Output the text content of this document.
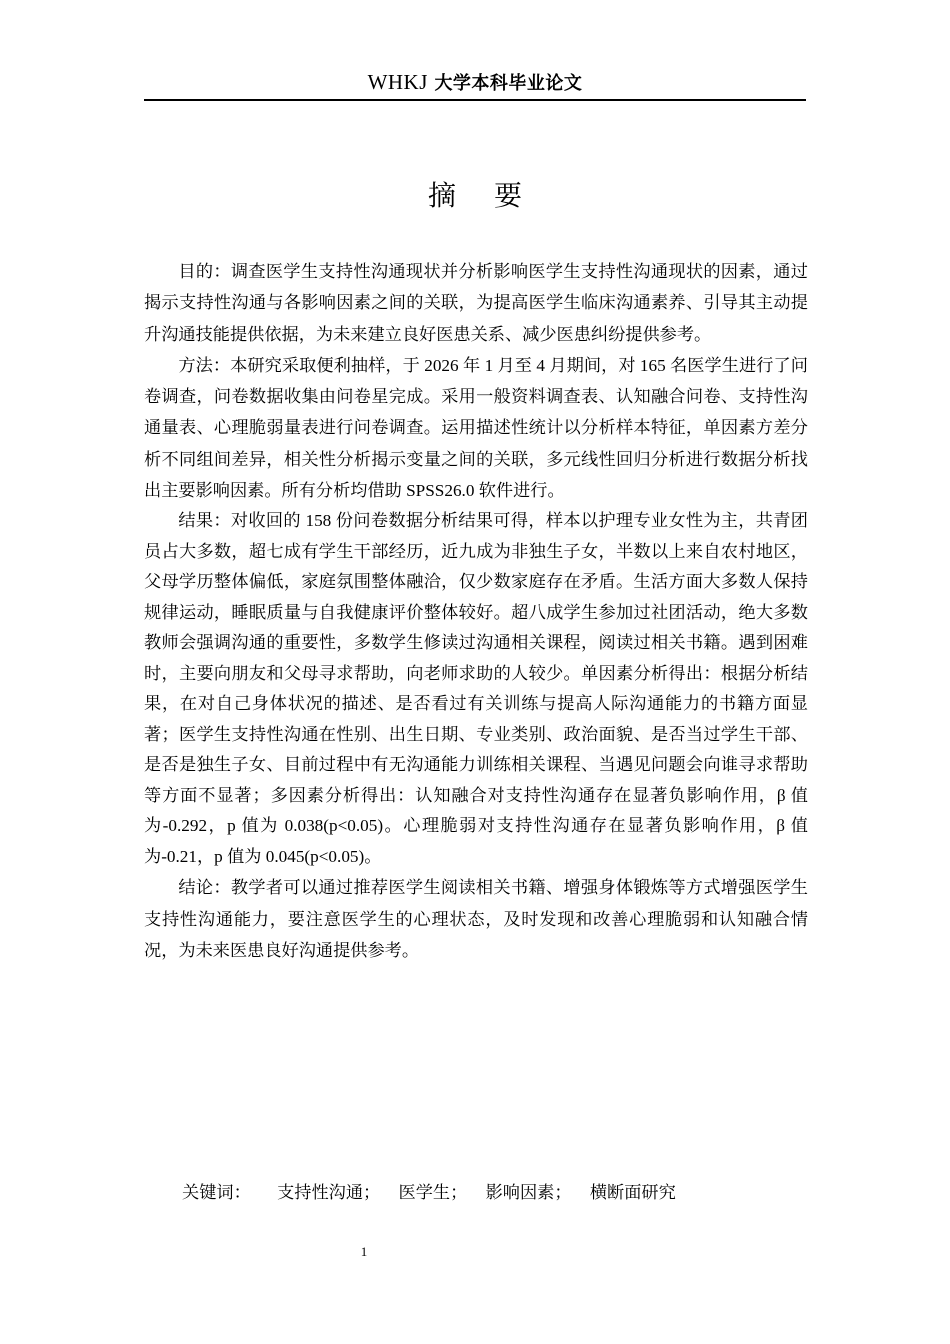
WHKJ 大学本科毕业论文
摘要

目的：调查医学生支持性沟通现状并分析影响医学生支持性沟通现状的因素，通过揭示支持性沟通与各影响因素之间的关联，为提高医学生临床沟通素养、引导其主动提升沟通技能提供依据，为未来建立良好医患关系、减少医患纠纷提供参考。

方法：本研究采取便利抽样，于 2026 年 1 月至 4 月期间，对 165 名医学生进行了问卷调查，问卷数据收集由问卷星完成。采用一般资料调查表、认知融合问卷、支持性沟通量表、心理脆弱量表进行问卷调查。运用描述性统计以分析样本特征，单因素方差分析不同组间差异，相关性分析揭示变量之间的关联，多元线性回归分析进行数据分析找出主要影响因素。所有分析均借助 SPSS26.0 软件进行。

结果：对收回的 158 份问卷数据分析结果可得，样本以护理专业女性为主，共青团员占大多数，超七成有学生干部经历，近九成为非独生子女，半数以上来自农村地区，父母学历整体偏低，家庭氛围整体融洽，仅少数家庭存在矛盾。生活方面大多数人保持规律运动，睡眠质量与自我健康评价整体较好。超八成学生参加过社团活动，绝大多数教师会强调沟通的重要性，多数学生修读过沟通相关课程，阅读过相关书籍。遇到困难时，主要向朋友和父母寻求帮助，向老师求助的人较少。单因素分析得出：根据分析结果，在对自己身体状况的描述、是否看过有关训练与提高人际沟通能力的书籍方面显著；医学生支持性沟通在性别、出生日期、专业类别、政治面貌、是否当过学生干部、是否是独生子女、目前过程中有无沟通能力训练相关课程、当遇见问题会向谁寻求帮助等方面不显著；多因素分析得出：认知融合对支持性沟通存在显著负影响作用，β 值为-0.292，p 值为 0.038(p<0.05)。心理脆弱对支持性沟通存在显著负影响作用，β 值为-0.21，p 值为 0.045(p<0.05)。

结论：教学者可以通过推荐医学生阅读相关书籍、增强身体锻炼等方式增强医学生支持性沟通能力，要注意医学生的心理状态，及时发现和改善心理脆弱和认知融合情况，为未来医患良好沟通提供参考。

关键词： 支持性沟通； 医学生； 影响因素； 横断面研究
1
